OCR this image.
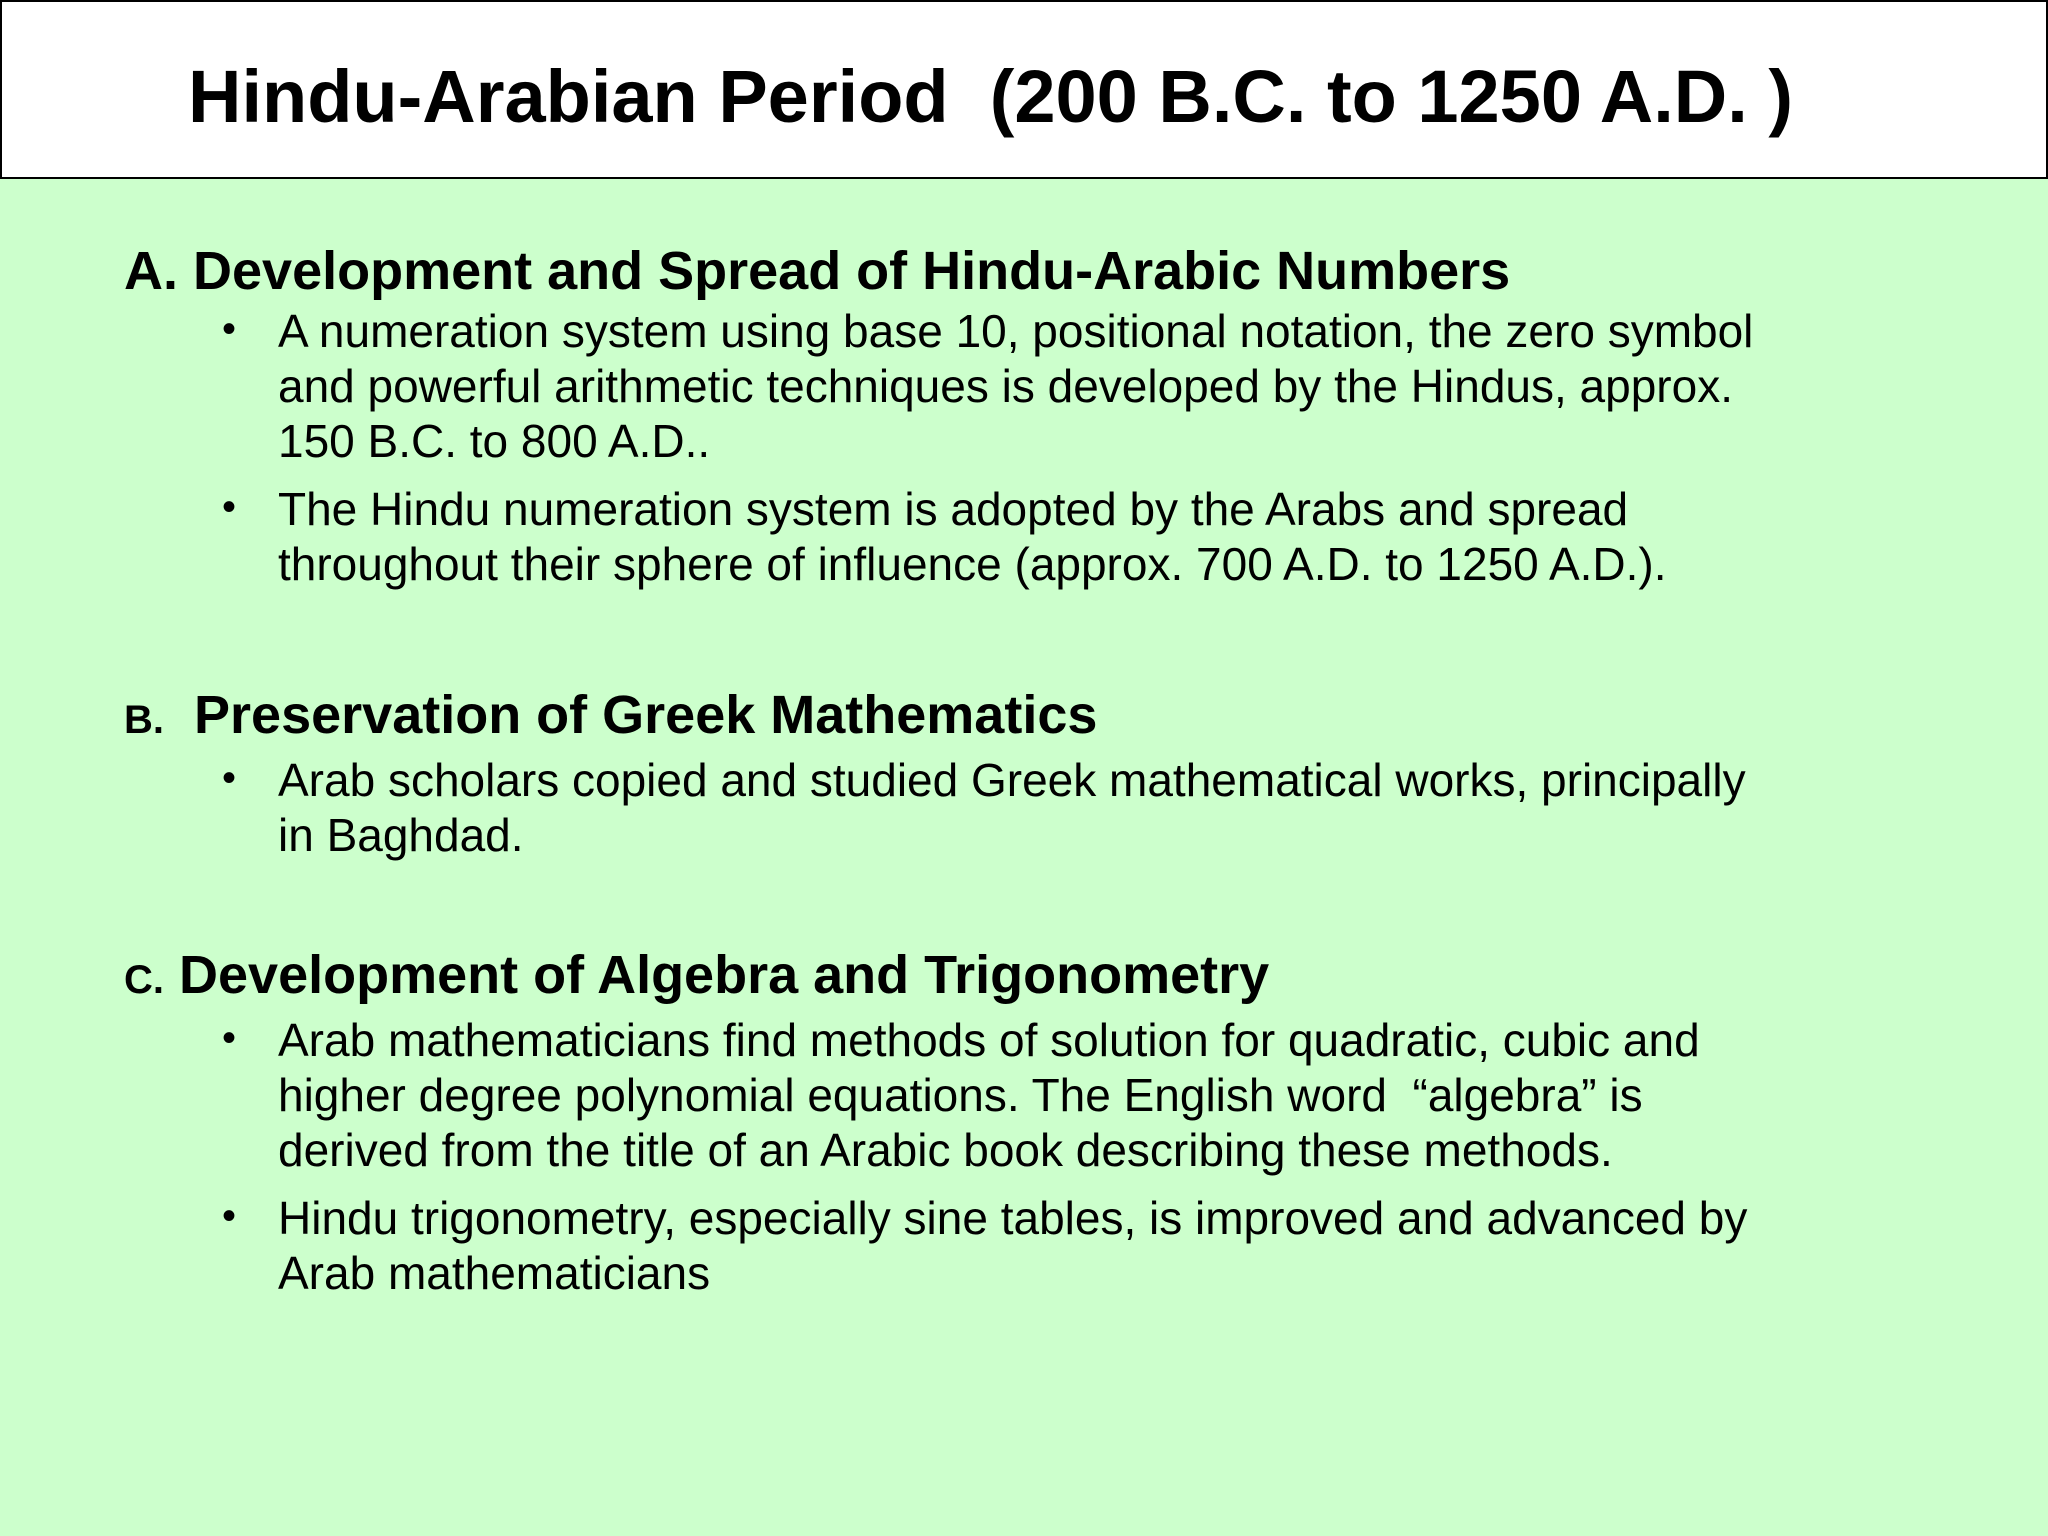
Hindu-Arabian Period  (200 B.C. to 1250 A.D. )

A. Development and Spread of Hindu-Arabic Numbers

• A numeration system using base 10, positional notation, the zero symbol
and powerful arithmetic techniques is developed by the Hindus, approx.
150 B.C. to 800 A.D..
• The Hindu numeration system is adopted by the Arabs and spread
throughout their sphere of influence (approx. 700 A.D. to 1250 A.D.).

B. Preservation of Greek Mathematics

• Arab scholars copied and studied Greek mathematical works, principally
in Baghdad.

C. Development of Algebra and Trigonometry

• Arab mathematicians find methods of solution for quadratic, cubic and
higher degree polynomial equations. The English word  “algebra” is
derived from the title of an Arabic book describing these methods.
• Hindu trigonometry, especially sine tables, is improved and advanced by
Arab mathematicians
